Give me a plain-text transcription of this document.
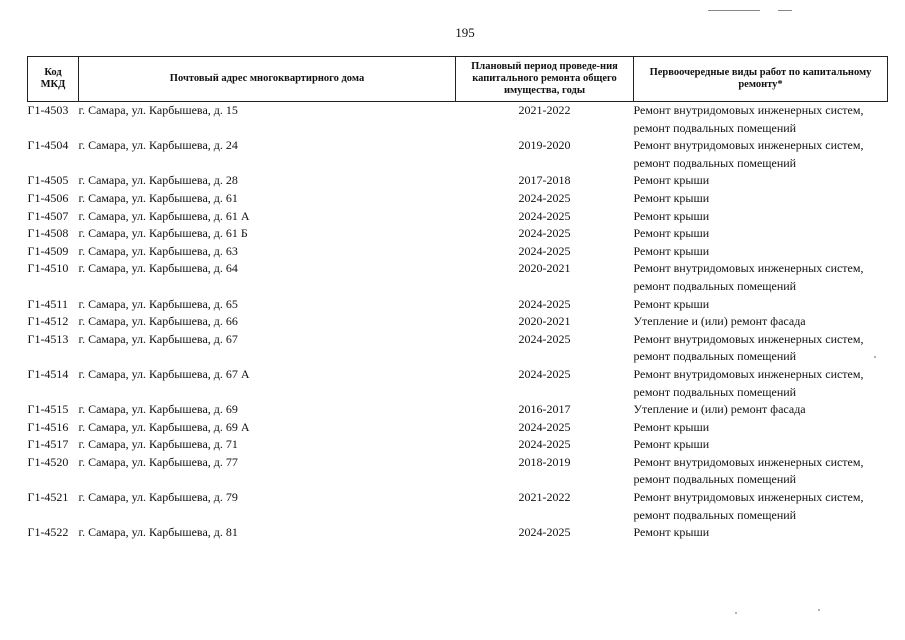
195
Код МКД	Почтовый адрес многоквартирного дома	Плановый период проведе-ния капитального ремонта общего имущества, годы	Первоочередные виды работ по капитальному ремонту*
Г1-4503	г. Самара, ул. Карбышева, д. 15	2021-2022	Ремонт внутридомовых инженерных систем,
ремонт подвальных помещений

Г1-4504	г. Самара, ул. Карбышева, д. 24	2019-2020	Ремонт внутридомовых инженерных систем,
ремонт подвальных помещений

Г1-4505	г. Самара, ул. Карбышева, д. 28	2017-2018	Ремонт крыши

Г1-4506	г. Самара, ул. Карбышева, д. 61	2024-2025	Ремонт крыши

Г1-4507	г. Самара, ул. Карбышева, д. 61 А	2024-2025	Ремонт крыши

Г1-4508	г. Самара, ул. Карбышева, д. 61 Б	2024-2025	Ремонт крыши

Г1-4509	г. Самара, ул. Карбышева, д. 63	2024-2025	Ремонт крыши

Г1-4510	г. Самара, ул. Карбышева, д. 64	2020-2021	Ремонт внутридомовых инженерных систем,
ремонт подвальных помещений

Г1-4511	г. Самара, ул. Карбышева, д. 65	2024-2025	Ремонт крыши

Г1-4512	г. Самара, ул. Карбышева, д. 66	2020-2021	Утепление и (или) ремонт фасада

Г1-4513	г. Самара, ул. Карбышева, д. 67	2024-2025	Ремонт внутридомовых инженерных систем,
ремонт подвальных помещений

Г1-4514	г. Самара, ул. Карбышева, д. 67 А	2024-2025	Ремонт внутридомовых инженерных систем,
ремонт подвальных помещений

Г1-4515	г. Самара, ул. Карбышева, д. 69	2016-2017	Утепление и (или) ремонт фасада

Г1-4516	г. Самара, ул. Карбышева, д. 69 А	2024-2025	Ремонт крыши

Г1-4517	г. Самара, ул. Карбышева, д. 71	2024-2025	Ремонт крыши

Г1-4520	г. Самара, ул. Карбышева, д. 77	2018-2019	Ремонт внутридомовых инженерных систем,
ремонт подвальных помещений

Г1-4521	г. Самара, ул. Карбышева, д. 79	2021-2022	Ремонт внутридомовых инженерных систем,
ремонт подвальных помещений

Г1-4522	г. Самара, ул. Карбышева, д. 81	2024-2025	Ремонт крыши
